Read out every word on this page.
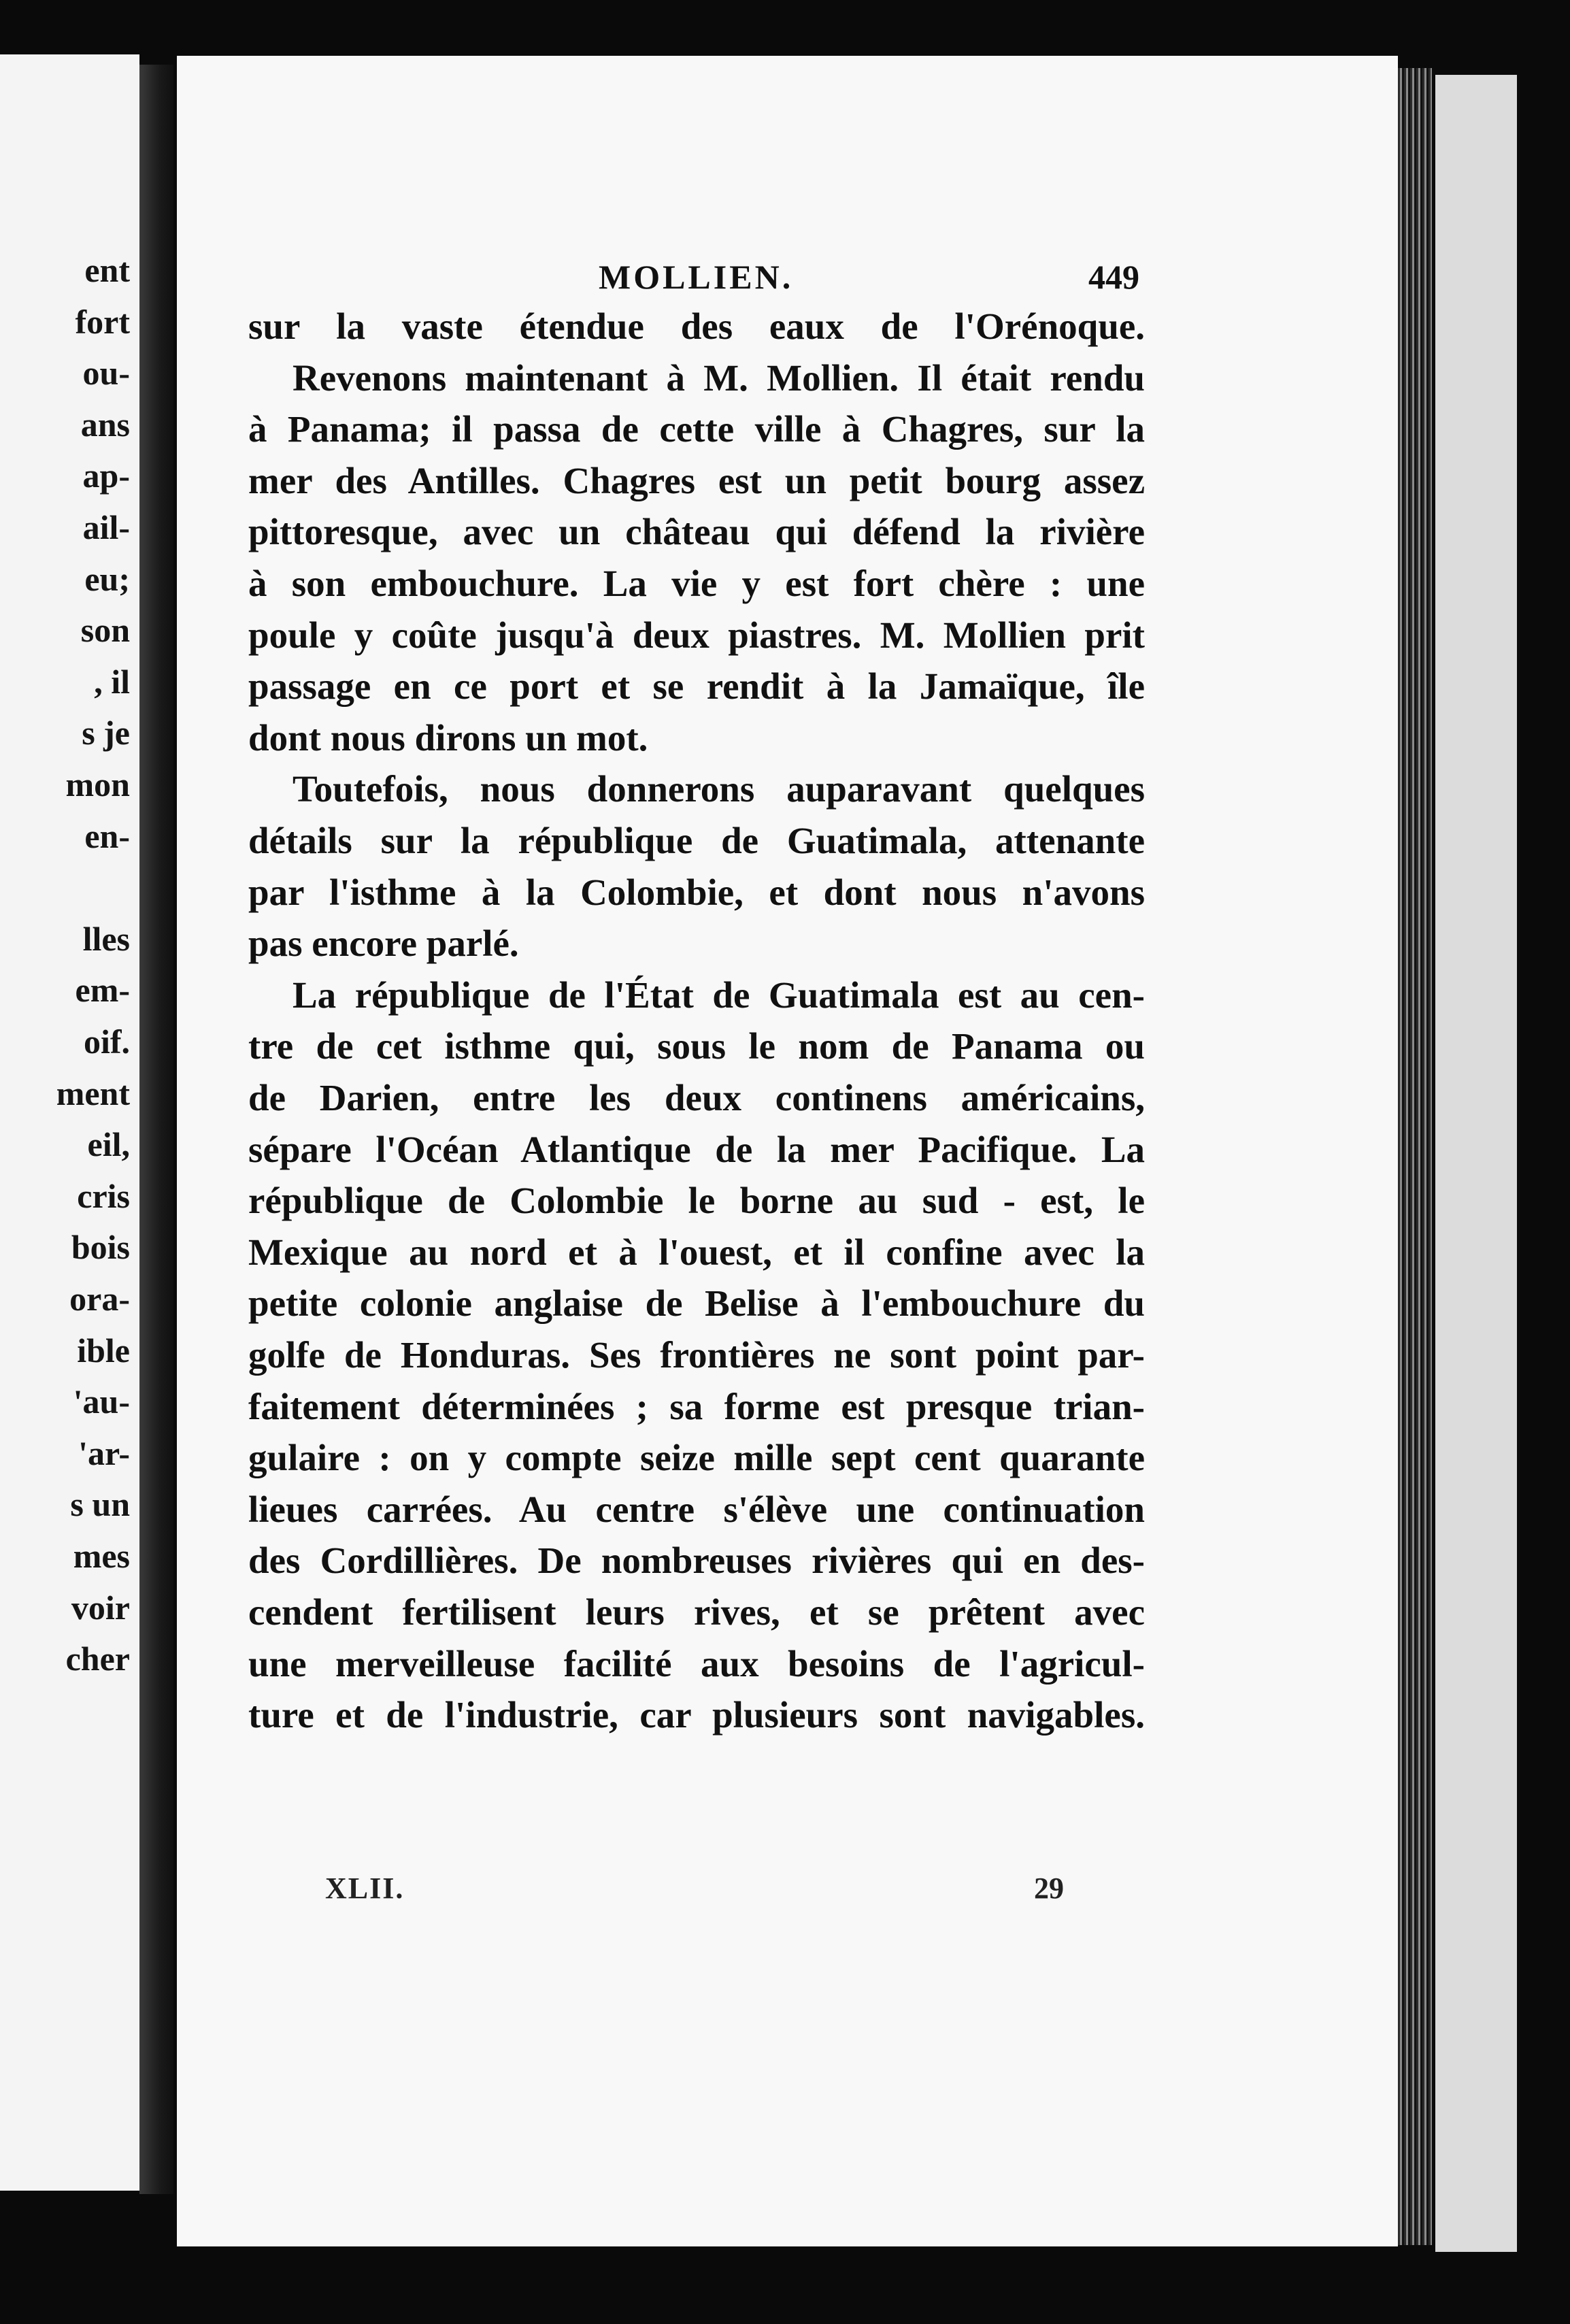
ent

fort

ou-

ans

ap-

ail-

eu;

son

, il

s je

mon

en-

lles

em-

oif.

ment

eil,

cris

bois

ora-

ible

'au-

'ar-

s un

mes

voir

cher

MOLLIEN.	449

sur la vaste étendue des eaux de l'Orénoque.

Revenons maintenant à M. Mollien. Il était rendu

à Panama; il passa de cette ville à Chagres, sur la

mer des Antilles. Chagres est un petit bourg assez

pittoresque, avec un château qui défend la rivière

à son embouchure. La vie y est fort chère : une

poule y coûte jusqu'à deux piastres. M. Mollien prit

passage en ce port et se rendit à la Jamaïque, île

dont nous dirons un mot.

Toutefois, nous donnerons auparavant quelques

détails sur la république de Guatimala, attenante

par l'isthme à la Colombie, et dont nous n'avons

pas encore parlé.

La république de l'État de Guatimala est au cen-

tre de cet isthme qui, sous le nom de Panama ou

de Darien, entre les deux continens américains,

sépare l'Océan Atlantique de la mer Pacifique. La

république de Colombie le borne au sud - est, le

Mexique au nord et à l'ouest, et il confine avec la

petite colonie anglaise de Belise à l'embouchure du

golfe de Honduras. Ses frontières ne sont point par-

faitement déterminées ; sa forme est presque trian-

gulaire : on y compte seize mille sept cent quarante

lieues carrées. Au centre s'élève une continuation

des Cordillières. De nombreuses rivières qui en des-

cendent fertilisent leurs rives, et se prêtent avec

une merveilleuse facilité aux besoins de l'agricul-

ture et de l'industrie, car plusieurs sont navigables.

XLII.	29
